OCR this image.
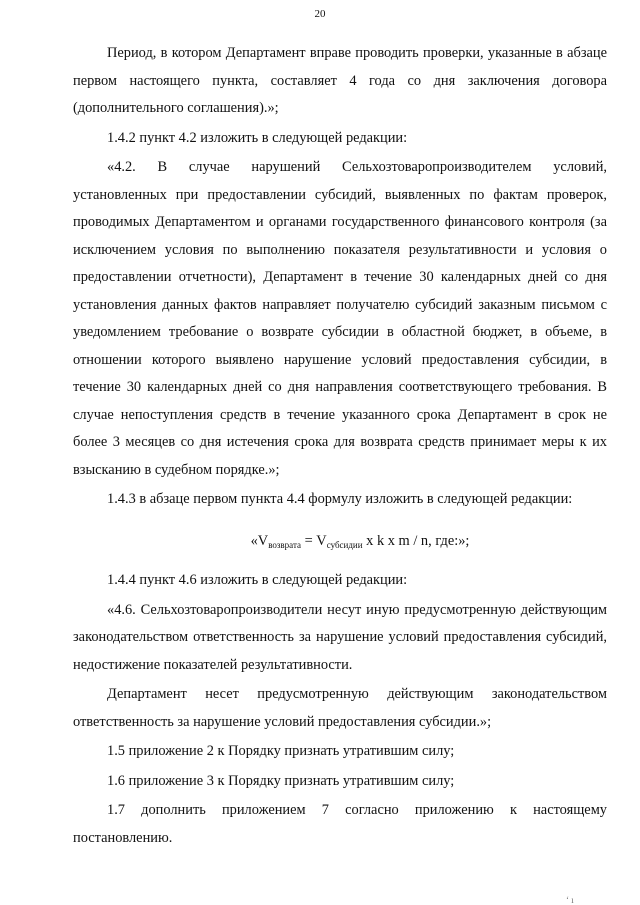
20

Период, в котором Департамент вправе проводить проверки, указанные в абзаце первом настоящего пункта, составляет 4 года со дня заключения договора (дополнительного соглашения).»;

1.4.2 пункт 4.2 изложить в следующей редакции:

«4.2. В случае нарушений Сельхозтоваропроизводителем условий, установленных при предоставлении субсидий, выявленных по фактам проверок, проводимых Департаментом и органами государственного финансового контроля (за исключением условия по выполнению показателя результативности и условия о предоставлении отчетности), Департамент в течение 30 календарных дней со дня установления данных фактов направляет получателю субсидий заказным письмом с уведомлением требование о возврате субсидии в областной бюджет, в объеме, в отношении которого выявлено нарушение условий предоставления субсидии, в течение 30 календарных дней со дня направления соответствующего требования. В случае непоступления средств в течение указанного срока Департамент в срок не более 3 месяцев со дня истечения срока для возврата средств принимает меры к их взысканию в судебном порядке.»;

1.4.3 в абзаце первом пункта 4.4 формулу изложить в следующей редакции:

«$V_{возврата} = V_{субсидии}$ x k x m / n, где:»;

1.4.4 пункт 4.6 изложить в следующей редакции:

«4.6. Сельхозтоваропроизводители несут иную предусмотренную действующим законодательством ответственность за нарушение условий предоставления субсидий, недостижение показателей результативности.

Департамент несет предусмотренную действующим законодательством ответственность за нарушение условий предоставления субсидии.»;

1.5 приложение 2 к Порядку признать утратившим силу;

1.6 приложение 3 к Порядку признать утратившим силу;

1.7 дополнить приложением 7 согласно приложению к настоящему постановлению.

‘ ı
